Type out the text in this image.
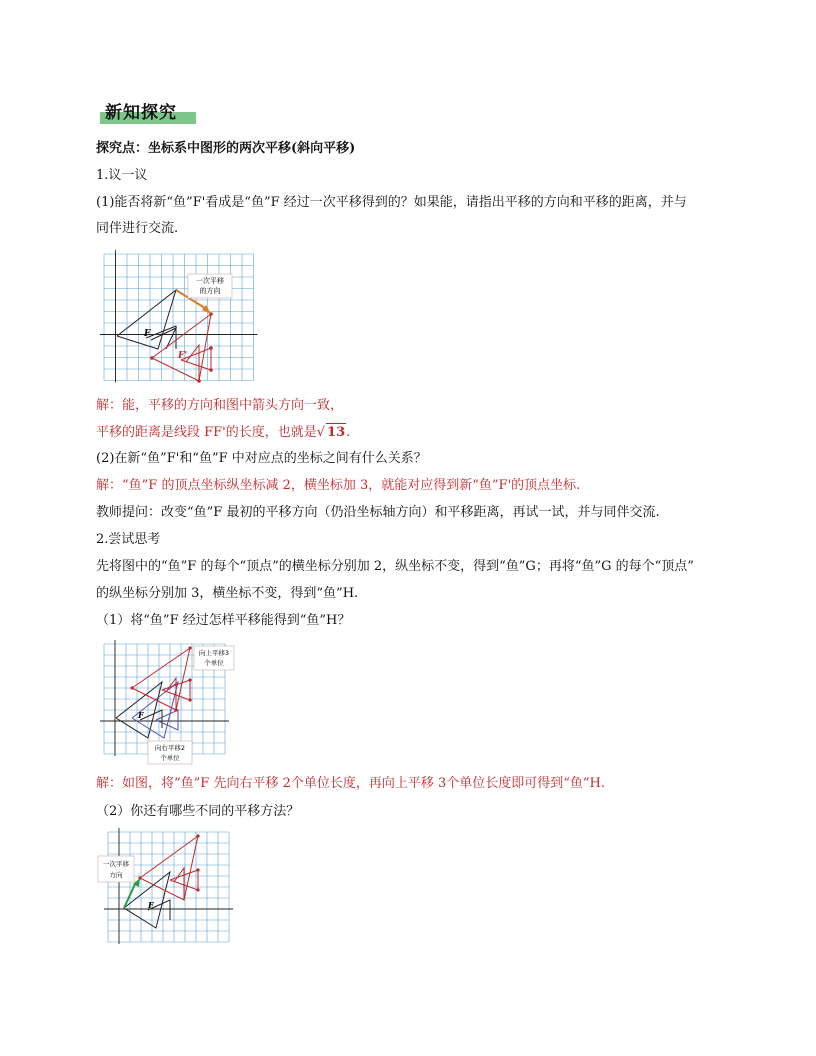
新知探究
探究点：坐标系中图形的两次平移(斜向平移)
1.议一议
(1)能否将新“鱼”F'看成是“鱼”F 经过一次平移得到的？如果能，请指出平移的方向和平移的距离，并与
同伴进行交流.
一次平移
的方向
F
F'
解：能，平移的方向和图中箭头方向一致，
平移的距离是线段 FF'的长度，也就是√ 13.
(2)在新“鱼”F'和“鱼”F 中对应点的坐标之间有什么关系？
解：“鱼”F 的顶点坐标纵坐标减 2，横坐标加 3，就能对应得到新“鱼”F'的顶点坐标.
教师提问：改变“鱼”F 最初的平移方向（仍沿坐标轴方向）和平移距离，再试一试，并与同伴交流.
2.尝试思考
先将图中的“鱼”F 的每个“顶点”的横坐标分别加 2，纵坐标不变，得到“鱼”G；再将“鱼”G 的每个“顶点”
的纵坐标分别加 3，横坐标不变，得到“鱼”H.
（1）将“鱼”F 经过怎样平移能得到“鱼”H？
向上平移3
个单位
向右平移2
个单位
F
解：如图，将“鱼”F 先向右平移 2个单位长度，再向上平移 3个单位长度即可得到“鱼”H.
（2）你还有哪些不同的平移方法？
一次平移
方向
F
